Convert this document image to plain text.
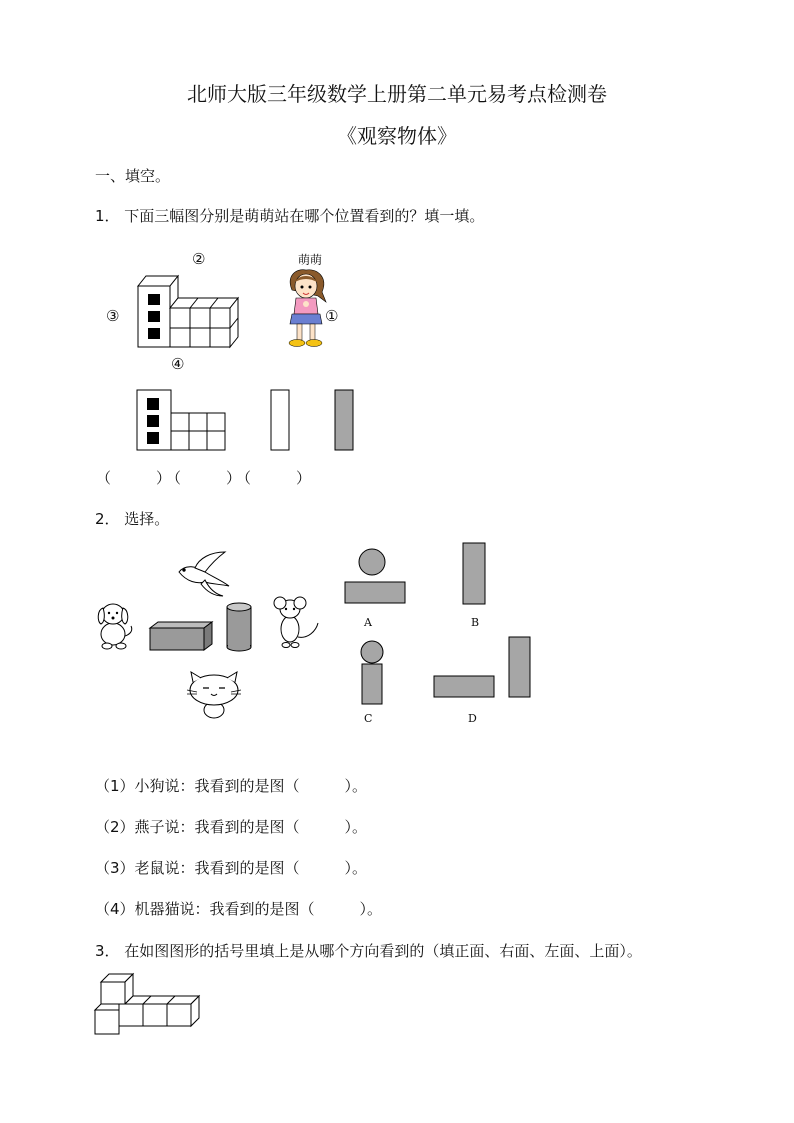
北师大版三年级数学上册第二单元易考点检测卷
《观察物体》
一、填空。
1． 下面三幅图分别是萌萌站在哪个位置看到的？填一填。
②
③
④
萌萌
①
（　　　）
（　　　）
（　　　）
2． 选择。
A	B
C	D
（1）小狗说：我看到的是图（　　　）。
（2）燕子说：我看到的是图（　　　）。
（3）老鼠说：我看到的是图（　　　）。
（4）机器猫说：我看到的是图（　　　）。
3． 在如图图形的括号里填上是从哪个方向看到的（填正面、右面、左面、上面）。
